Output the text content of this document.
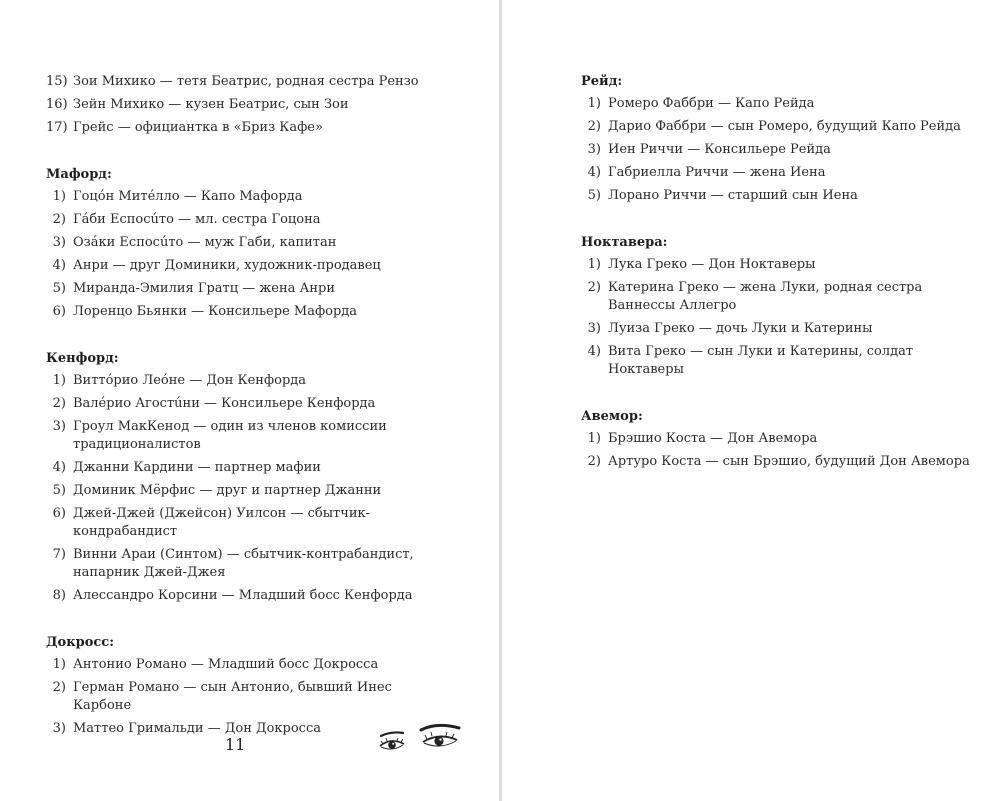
15) Зои Михико — тетя Беатрис, родная сестра Рензо
16) Зейн Михико — кузен Беатрис, сын Зои
17) Грейс — официантка в «Бриз Кафе»
Мафорд:
1) Гоцóн Митéлло — Капо Мафорда
2) Гáби Еспосúто — мл. сестра Гоцона
3) Озáки Еспосúто — муж Габи, капитан
4) Анри — друг Доминики, художник-продавец
5) Миранда-Эмилия Гратц — жена Анри
6) Лоренцо Бьянки — Консильере Мафорда
Кенфорд:
1) Виттóрио Леóне — Дон Кенфорда
2) Валéрио Агостúни — Консильере Кенфорда
3) Гроул МакКенод — один из членов комиссии традиционалистов
4) Джанни Кардини — партнер мафии
5) Доминик Мёрфис — друг и партнер Джанни
6) Джей-Джей (Джейсон) Уилсон — сбытчик-кондрабандист
7) Винни Араи (Синтом) — сбытчик-контрабандист, напарник Джей-Джея
8) Алессандро Корсини — Младший босс Кенфорда
Докросс:
1) Антонио Романо — Младший босс Докросса
2) Герман Романо — сын Антонио, бывший Инес Карбоне
3) Маттео Гримальди — Дон Докросса
11
Рейд:
1) Ромеро Фаббри — Капо Рейда
2) Дарио Фаббри — сын Ромеро, будущий Капо Рейда
3) Иен Риччи — Консильере Рейда
4) Габриелла Риччи — жена Иена
5) Лорано Риччи — старший сын Иена
Ноктавера:
1) Лука Греко — Дон Ноктаверы
2) Катерина Греко — жена Луки, родная сестра Ваннессы Аллегро
3) Луиза Греко — дочь Луки и Катерины
4) Вита Греко — сын Луки и Катерины, солдат Ноктаверы
Авемор:
1) Брэшио Коста — Дон Авемора
2) Артуро Коста — сын Брэшио, будущий Дон Авемора
